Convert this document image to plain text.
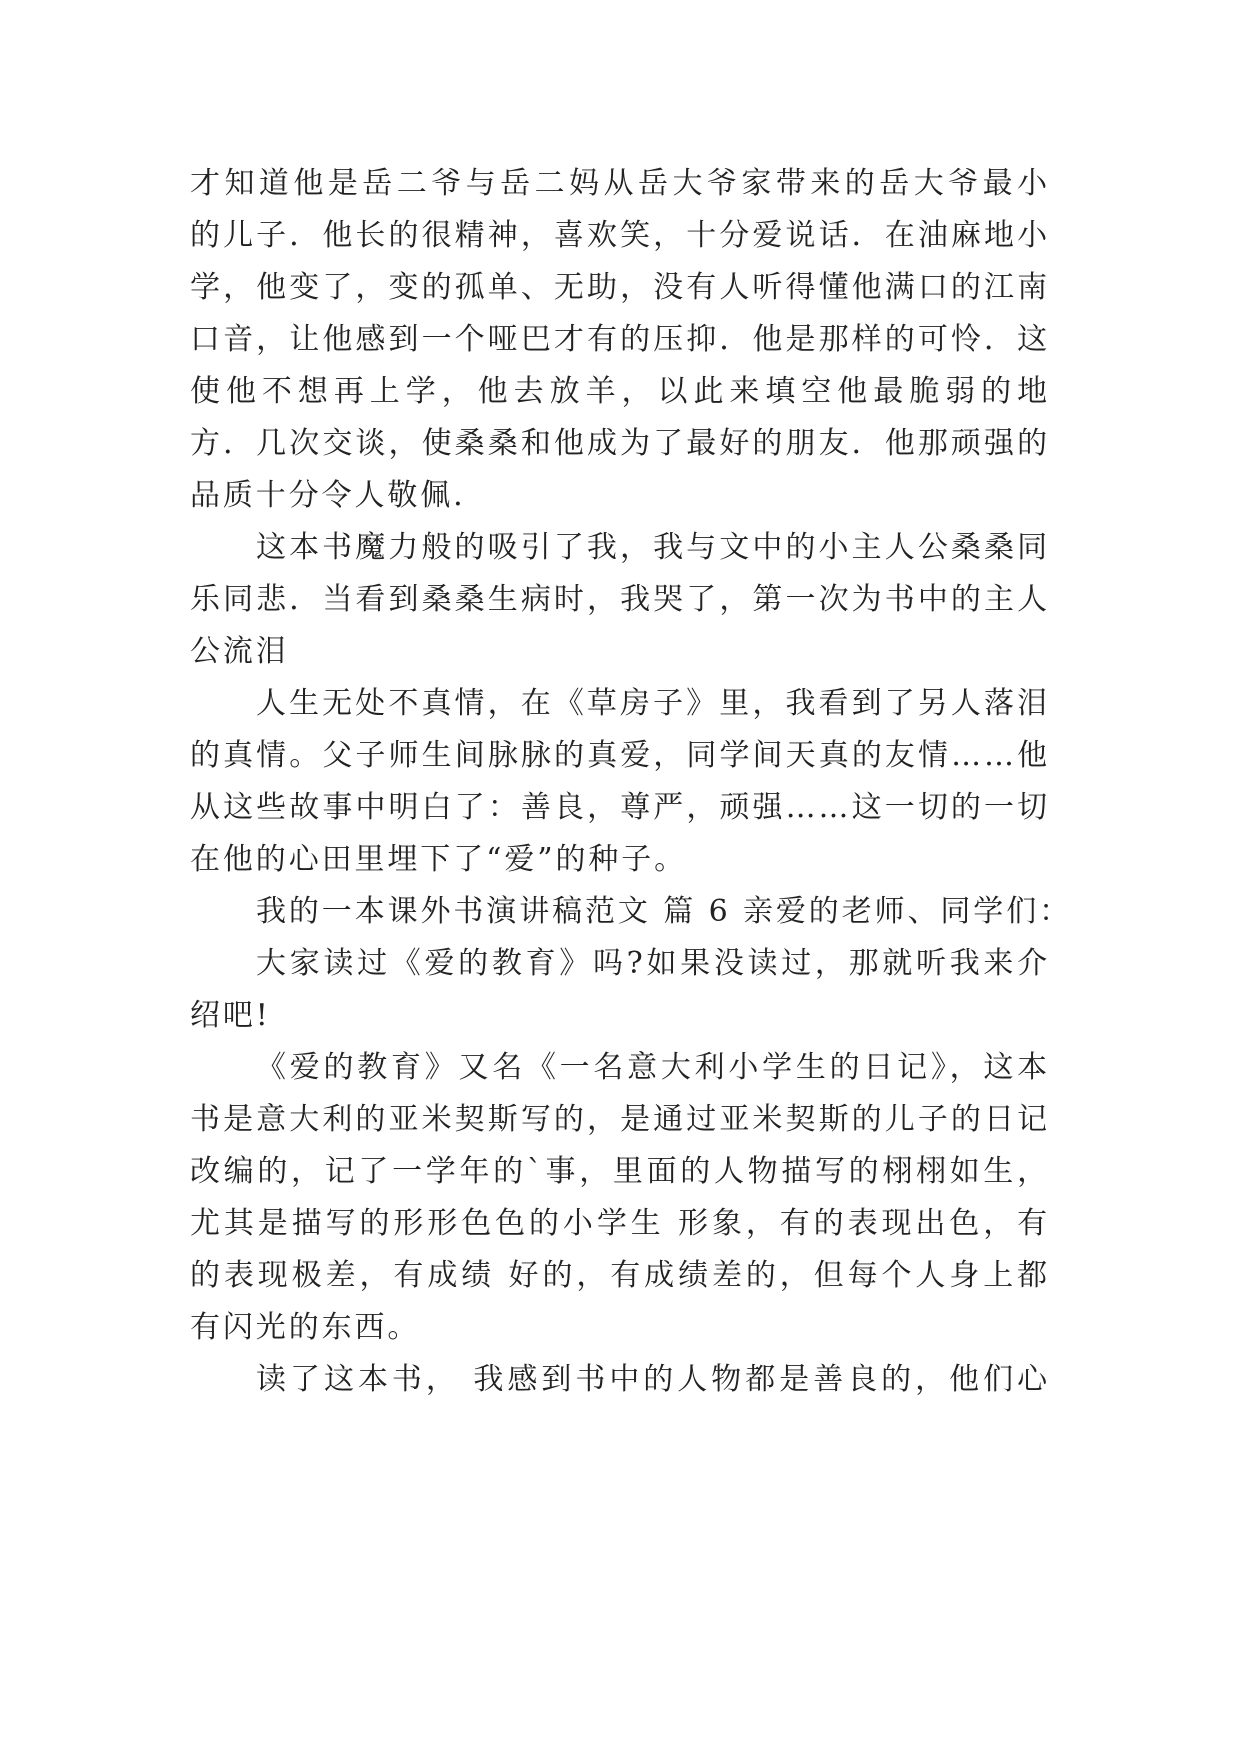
才知道他是岳二爷与岳二妈从岳大爷家带来的岳大爷最小
的儿子．他长的很精神，喜欢笑，十分爱说话．在油麻地小
学，他变了，变的孤单、无助，没有人听得懂他满口的江南
口音，让他感到一个哑巴才有的压抑．他是那样的可怜．这
使他不想再上学，他去放羊，以此来填空他最脆弱的地
方．几次交谈，使桑桑和他成为了最好的朋友．他那顽强的
品质十分令人敬佩．
这本书魔力般的吸引了我，我与文中的小主人公桑桑同
乐同悲．当看到桑桑生病时，我哭了，第一次为书中的主人
公流泪
人生无处不真情，在《草房子》里，我看到了另人落泪
的真情。父子师生间脉脉的真爱，同学间天真的友情……他
从这些故事中明白了：善良，尊严，顽强……这一切的一切
在他的心田里埋下了“爱”的种子。
我的一本课外书演讲稿范文 篇 6 亲爱的老师、同学们：
大家读过《爱的教育》吗?如果没读过，那就听我来介
绍吧!
《爱的教育》又名《一名意大利小学生的日记》，这本
书是意大利的亚米契斯写的，是通过亚米契斯的儿子的日记
改编的，记了一学年的`事，里面的人物描写的栩栩如生，
尤其是描写的形形色色的小学生 形象，有的表现出色，有
的表现极差，有成绩 好的，有成绩差的，但每个人身上都
有闪光的东西。
读了这本书， 我感到书中的人物都是善良的，他们心
